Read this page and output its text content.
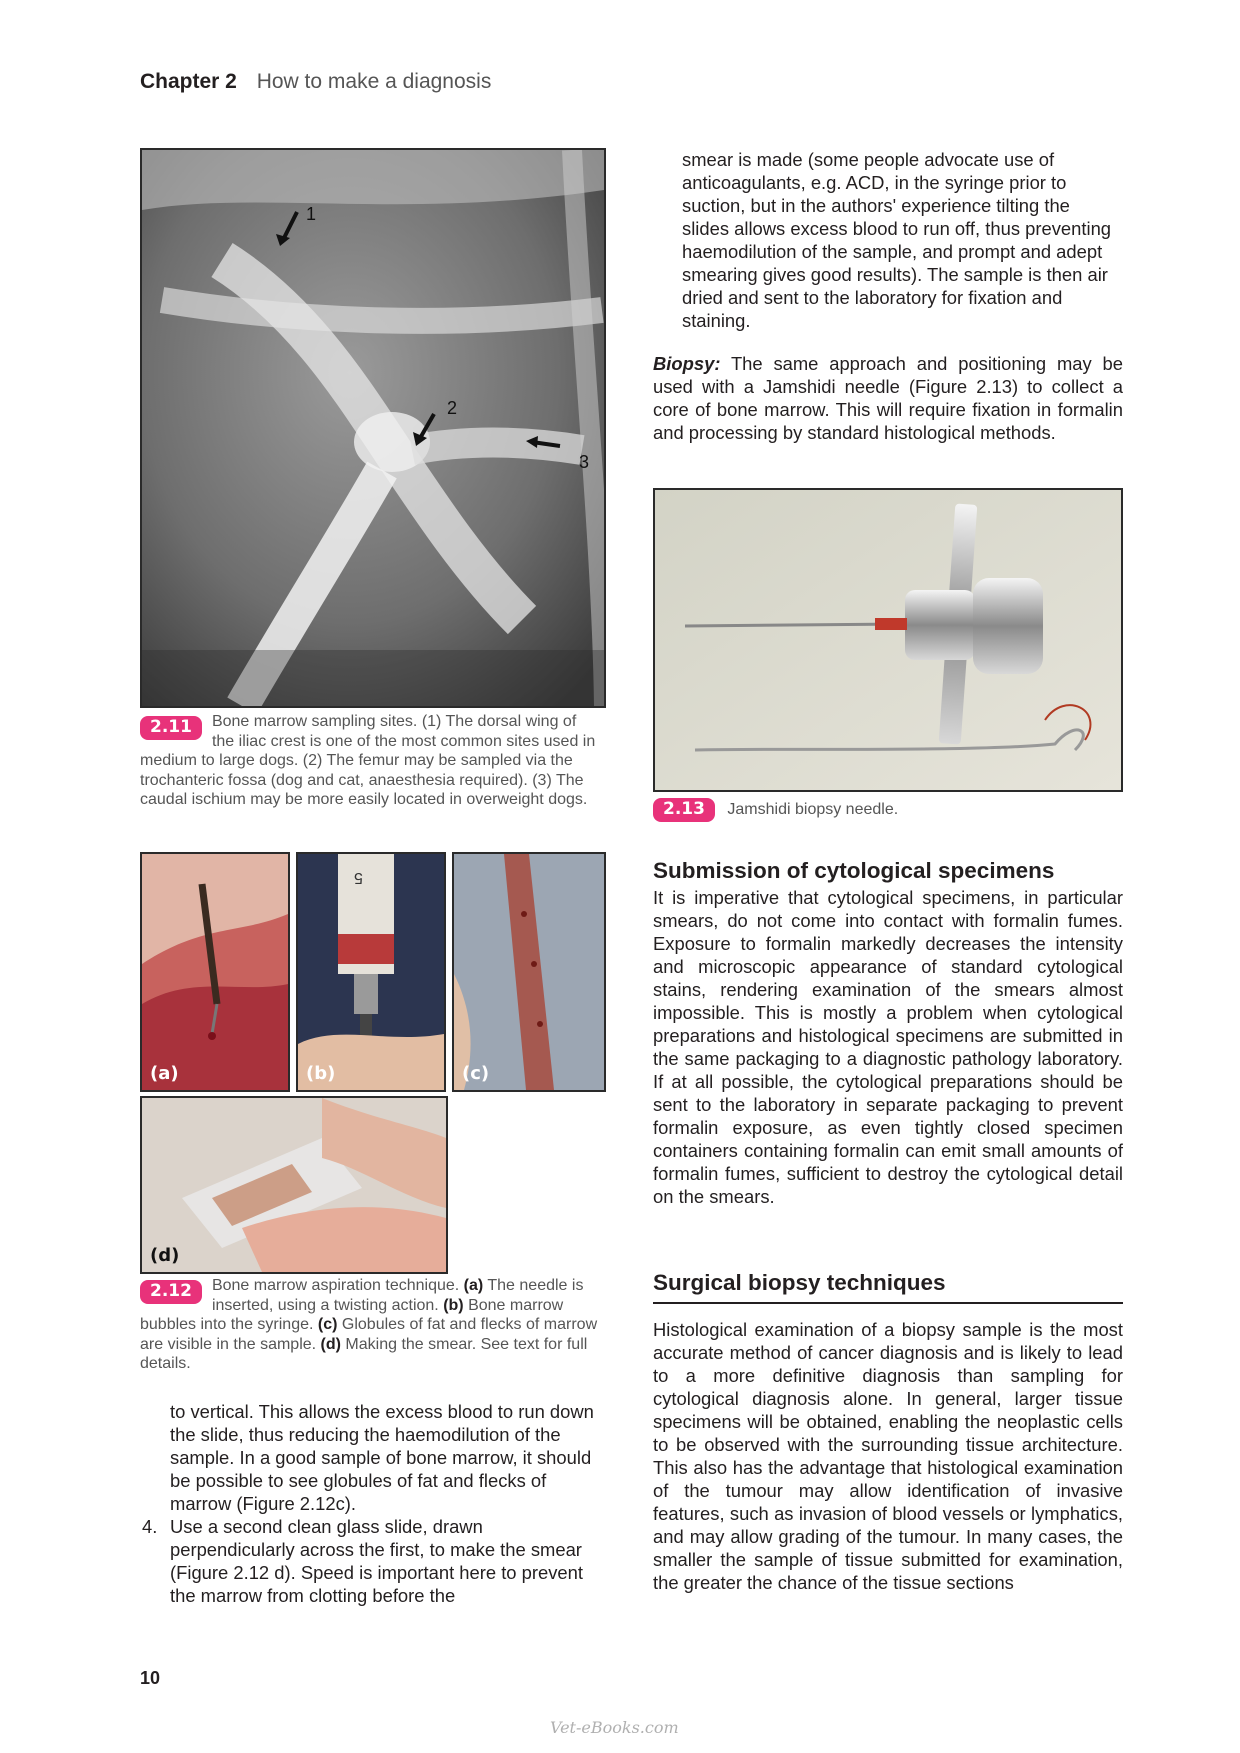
Chapter 2 How to make a diagnosis
1
2
3
2.11	Bone marrow sampling sites. (1) The dorsal wing of the iliac crest is one of the most common sites used in medium to large dogs. (2) The femur may be sampled via the trochanteric fossa (dog and cat, anaesthesia required). (3) The caudal ischium may be more easily located in overweight dogs.
(a)
5
(b)	(c)
(d)
2.12	Bone marrow aspiration technique. (a) The needle is inserted, using a twisting action. (b) Bone marrow bubbles into the syringe. (c) Globules of fat and flecks of marrow are visible in the sample. (d) Making the smear. See text for full details.
to vertical. This allows the excess blood to run down the slide, thus reducing the haemodilution of the sample. In a good sample of bone marrow, it should be possible to see globules of fat and flecks of marrow (Figure 2.12c).
4. Use a second clean glass slide, drawn perpendicularly across the first, to make the smear (Figure 2.12 d). Speed is important here to prevent the marrow from clotting before the
smear is made (some people advocate use of anticoagulants, e.g. ACD, in the syringe prior to suction, but in the authors' experience tilting the slides allows excess blood to run off, thus preventing haemodilution of the sample, and prompt and adept smearing gives good results). The sample is then air dried and sent to the laboratory for fixation and staining.
Biopsy: The same approach and positioning may be used with a Jamshidi needle (Figure 2.13) to collect a core of bone marrow. This will require fixation in formalin and processing by standard histological methods.
2.13 Jamshidi biopsy needle.
Submission of cytological specimens
It is imperative that cytological specimens, in particular smears, do not come into contact with formalin fumes. Exposure to formalin markedly decreases the intensity and microscopic appearance of standard cytological stains, rendering examination of the smears almost impossible. This is mostly a problem when cytological preparations and histological specimens are submitted in the same packaging to a diagnostic pathology laboratory. If at all possible, the cytological preparations should be sent to the laboratory in separate packaging to prevent formalin exposure, as even tightly closed specimen containers containing formalin can emit small amounts of formalin fumes, sufficient to destroy the cytological detail on the smears.
Surgical biopsy techniques
Histological examination of a biopsy sample is the most accurate method of cancer diagnosis and is likely to lead to a more definitive diagnosis than sampling for cytological diagnosis alone. In general, larger tissue specimens will be obtained, enabling the neoplastic cells to be observed with the surrounding tissue architecture. This also has the advantage that histological examination of the tumour may allow identification of invasive features, such as invasion of blood vessels or lymphatics, and may allow grading of the tumour. In many cases, the smaller the sample of tissue submitted for examination, the greater the chance of the tissue sections
10
Vet-eBooks.com
